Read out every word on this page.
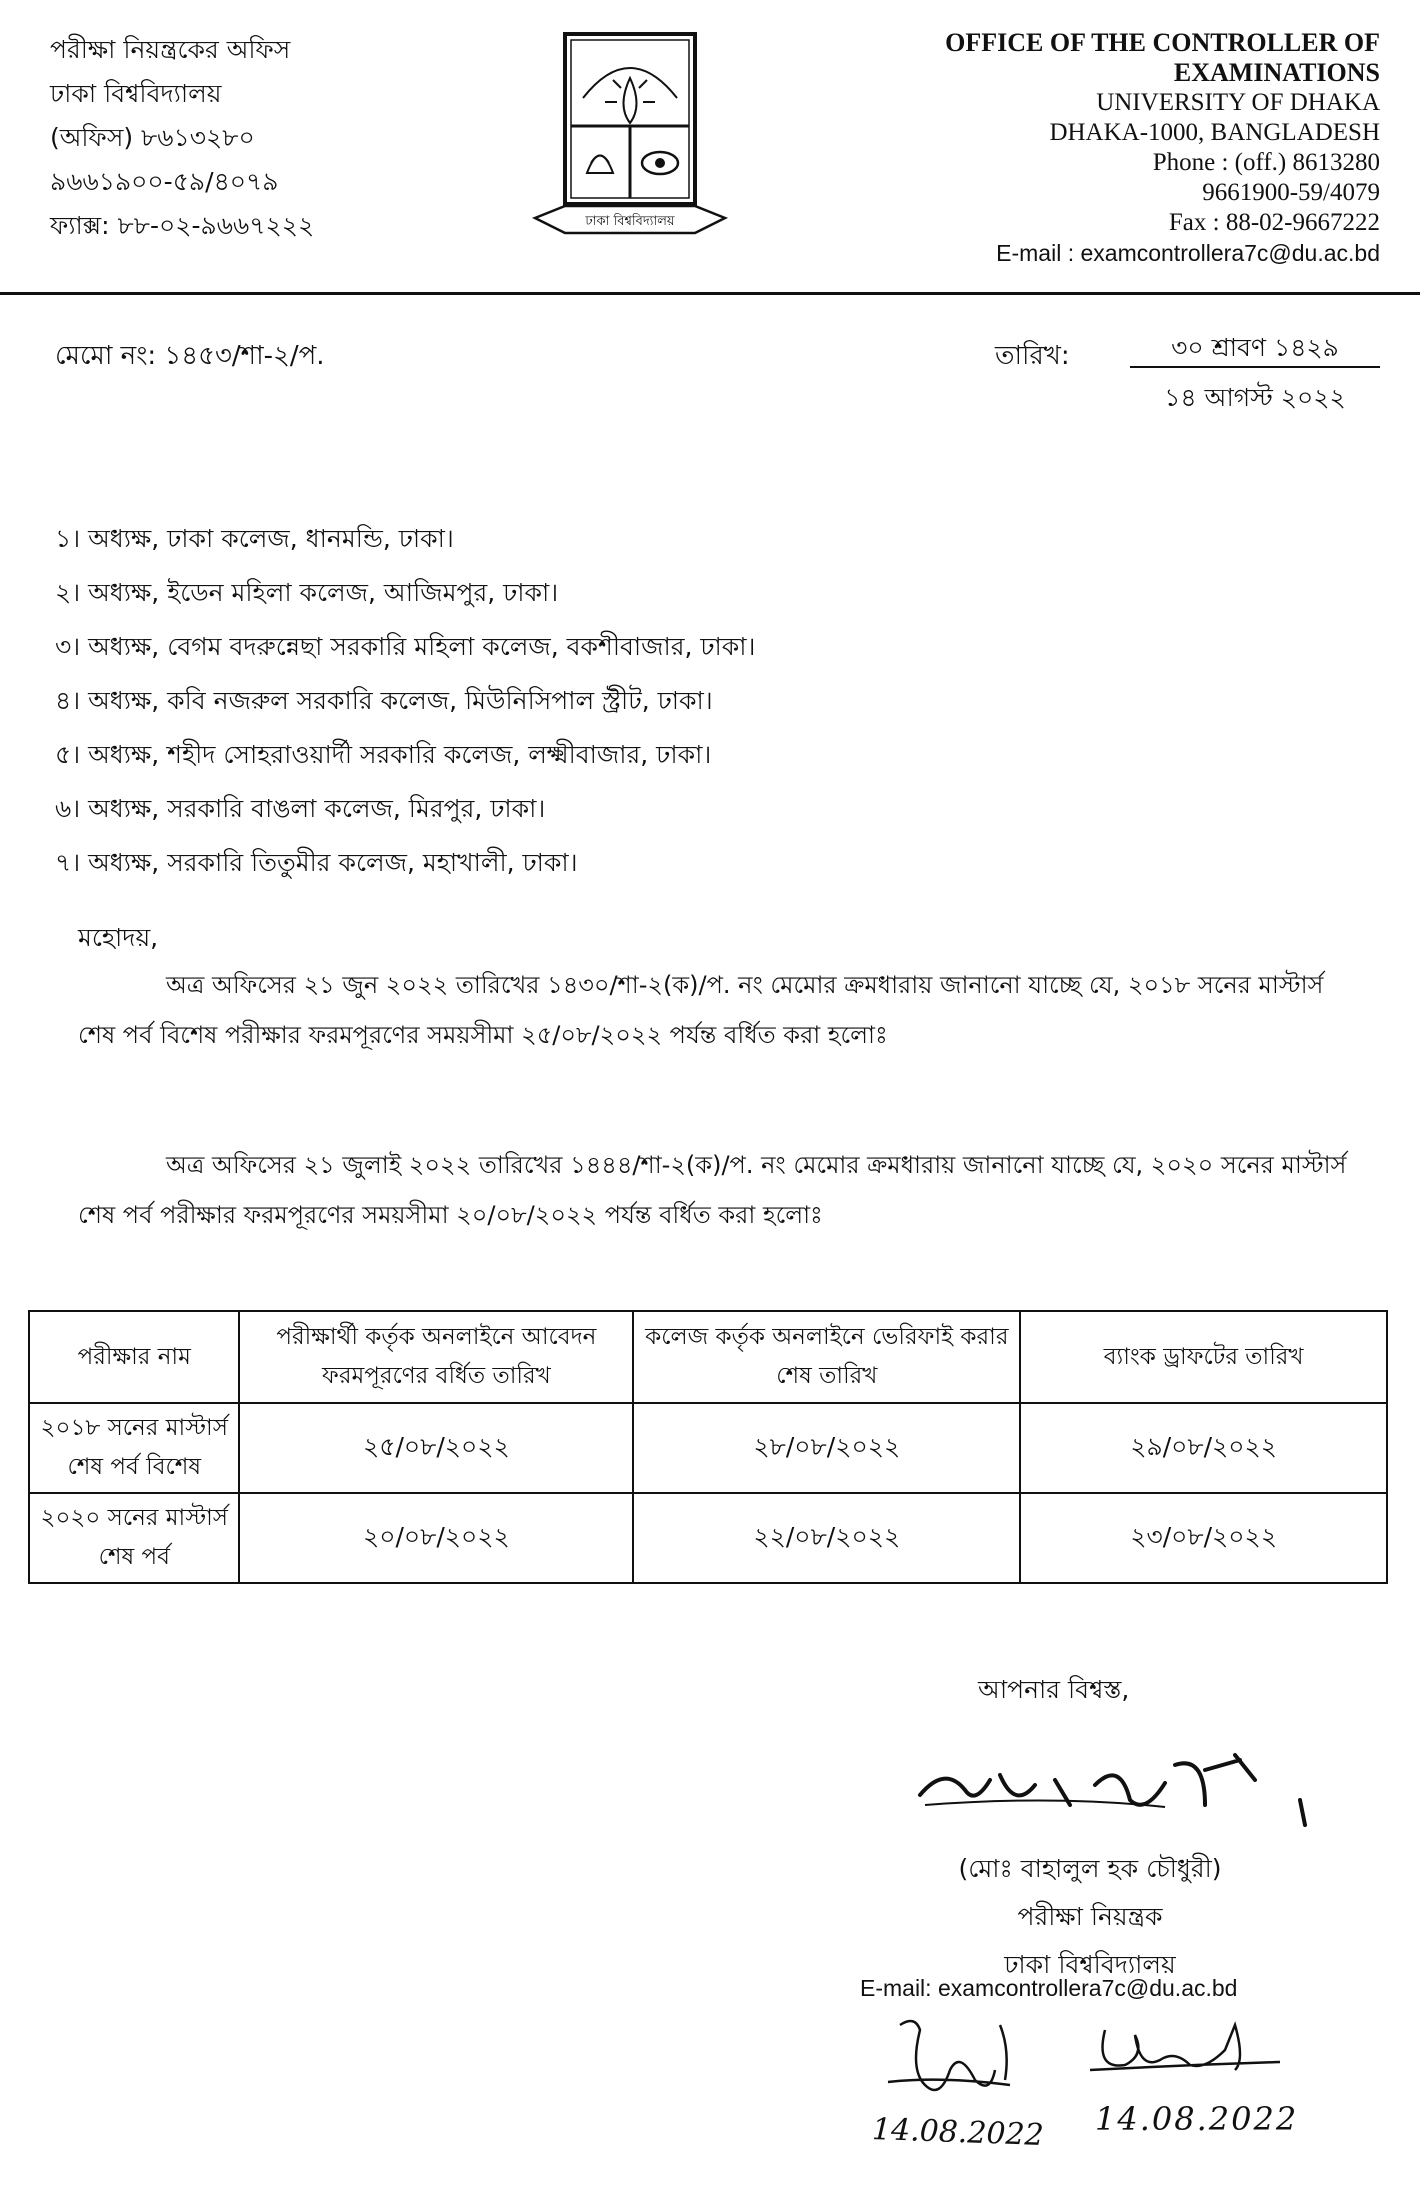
পরীক্ষা নিয়ন্ত্রকের অফিস
ঢাকা বিশ্ববিদ্যালয়
(অফিস) ৮৬১৩২৮০
৯৬৬১৯০০-৫৯/৪০৭৯
ফ্যাক্স: ৮৮-০২-৯৬৬৭২২২	ঢাকা বিশ্ববিদ্যালয়
OFFICE OF THE CONTROLLER OF
EXAMINATIONS
UNIVERSITY OF DHAKA
DHAKA-1000, BANGLADESH
Phone : (off.) 8613280
9661900-59/4079
Fax : 88-02-9667222
E-mail : examcontrollera7c@du.ac.bd
মেমো নং: ১৪৫৩/শা-২/প.	তারিখ:	৩০ শ্রাবণ ১৪২৯
১৪ আগস্ট ২০২২
১। অধ্যক্ষ, ঢাকা কলেজ, ধানমন্ডি, ঢাকা।
২। অধ্যক্ষ, ইডেন মহিলা কলেজ, আজিমপুর, ঢাকা।
৩। অধ্যক্ষ, বেগম বদরুন্নেছা সরকারি মহিলা কলেজ, বকশীবাজার, ঢাকা।
৪। অধ্যক্ষ, কবি নজরুল সরকারি কলেজ, মিউনিসিপাল স্ট্রীট, ঢাকা।
৫। অধ্যক্ষ, শহীদ সোহরাওয়ার্দী সরকারি কলেজ, লক্ষ্মীবাজার, ঢাকা।
৬। অধ্যক্ষ, সরকারি বাঙলা কলেজ, মিরপুর, ঢাকা।
৭। অধ্যক্ষ, সরকারি তিতুমীর কলেজ, মহাখালী, ঢাকা।
মহোদয়,
অত্র অফিসের ২১ জুন ২০২২ তারিখের ১৪৩০/শা-২(ক)/প. নং মেমোর ক্রমধারায় জানানো যাচ্ছে যে, ২০১৮ সনের মাস্টার্স শেষ পর্ব বিশেষ পরীক্ষার ফরমপূরণের সময়সীমা ২৫/০৮/২০২২ পর্যন্ত বর্ধিত করা হলোঃ
অত্র অফিসের ২১ জুলাই ২০২২ তারিখের ১৪৪৪/শা-২(ক)/প. নং মেমোর ক্রমধারায় জানানো যাচ্ছে যে, ২০২০ সনের মাস্টার্স শেষ পর্ব পরীক্ষার ফরমপূরণের সময়সীমা ২০/০৮/২০২২ পর্যন্ত বর্ধিত করা হলোঃ
পরীক্ষার নাম	পরীক্ষার্থী কর্তৃক অনলাইনে আবেদন ফরমপূরণের বর্ধিত তারিখ	কলেজ কর্তৃক অনলাইনে ভেরিফাই করার শেষ তারিখ	ব্যাংক ড্রাফটের তারিখ
২০১৮ সনের মাস্টার্স শেষ পর্ব বিশেষ	২৫/০৮/২০২২	২৮/০৮/২০২২	২৯/০৮/২০২২
২০২০ সনের মাস্টার্স শেষ পর্ব	২০/০৮/২০২২	২২/০৮/২০২২	২৩/০৮/২০২২
আপনার বিশ্বস্ত,
(মোঃ বাহালুল হক চৌধুরী)
পরীক্ষা নিয়ন্ত্রক
ঢাকা বিশ্ববিদ্যালয়
E-mail: examcontrollera7c@du.ac.bd
14.08.2022 14.08.2022
